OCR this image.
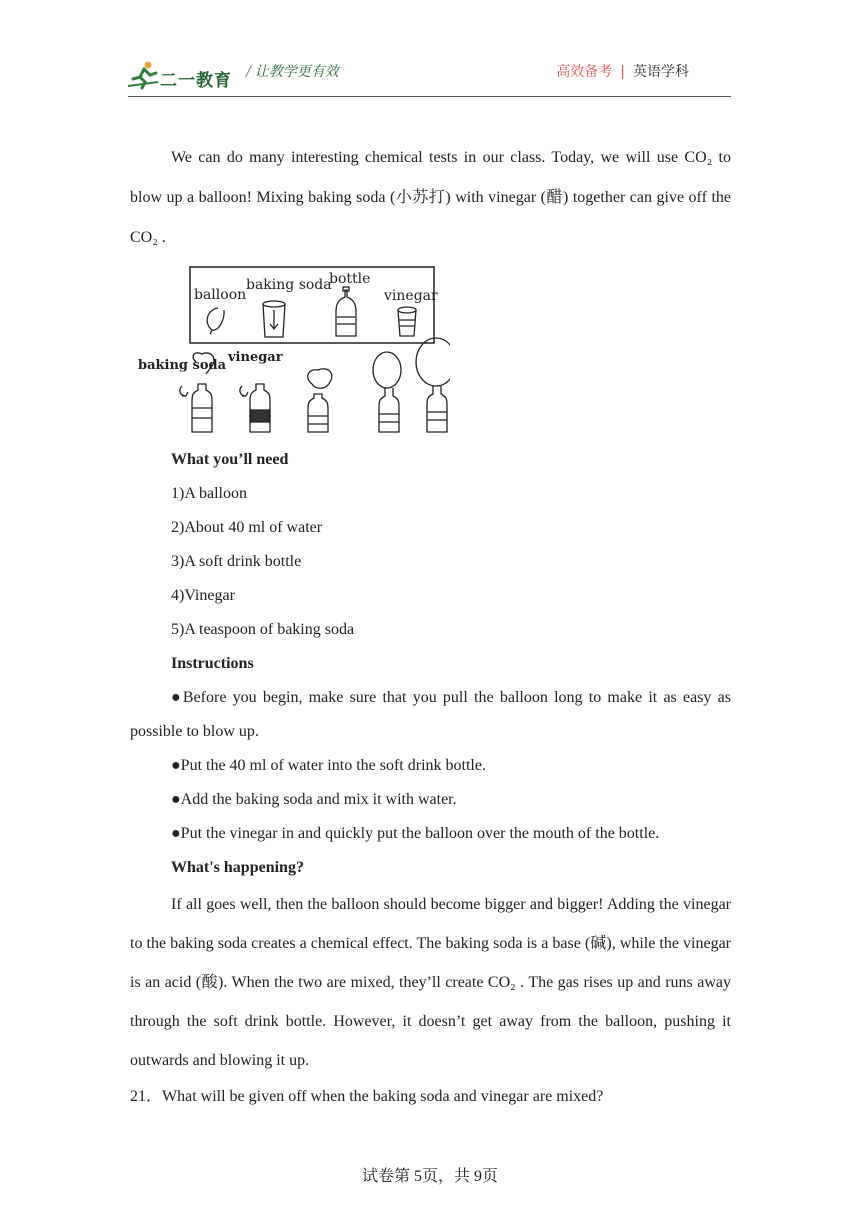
二一教育 / 让教学更有效	高效备考 | 英语学科
balloon
baking soda
bottle
vinegar
baking soda
vinegar

We can do many interesting chemical tests in our class. Today, we will use CO₂ to blow up a balloon! Mixing baking soda (小苏打) with vinegar (醋) together can give off the CO₂ .

What you’ll need

1)A balloon

2)About 40 ml of water

3)A soft drink bottle

4)Vinegar

5)A teaspoon of baking soda

Instructions

●Before you begin, make sure that you pull the balloon long to make it as easy as possible to blow up.

●Put the 40 ml of water into the soft drink bottle.

●Add the baking soda and mix it with water.

●Put the vinegar in and quickly put the balloon over the mouth of the bottle.

What's happening?

If all goes well, then the balloon should become bigger and bigger! Adding the vinegar to the baking soda creates a chemical effect. The baking soda is a base (碱), while the vinegar is an acid (酸). When the two are mixed, they’ll create CO₂ . The gas rises up and runs away through the soft drink bottle. However, it doesn’t get away from the balloon, pushing it outwards and blowing it up.

21．What will be given off when the baking soda and vinegar are mixed?

试卷第 5页，共 9页
